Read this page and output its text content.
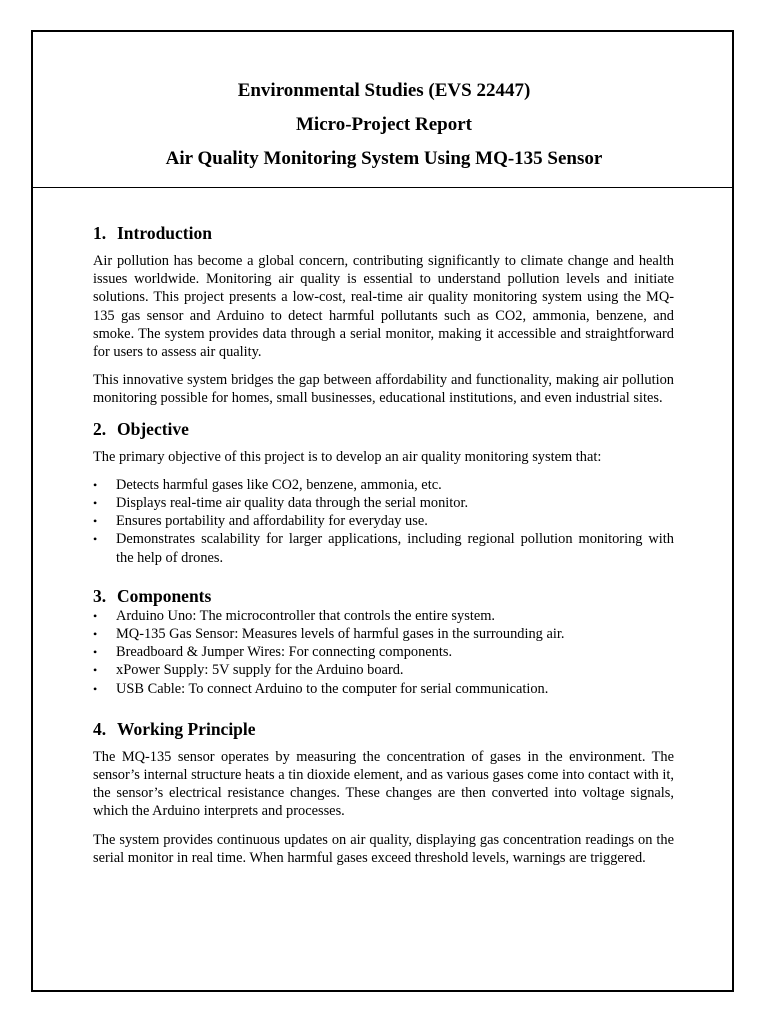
Environmental Studies (EVS 22447)
Micro-Project Report
Air Quality Monitoring System Using MQ-135 Sensor
1. Introduction

Air pollution has become a global concern, contributing significantly to climate change and health issues worldwide. Monitoring air quality is essential to understand pollution levels and initiate solutions. This project presents a low-cost, real-time air quality monitoring system using the MQ-135 gas sensor and Arduino to detect harmful pollutants such as CO2, ammonia, benzene, and smoke. The system provides data through a serial monitor, making it accessible and straightforward for users to assess air quality.

This innovative system bridges the gap between affordability and functionality, making air pollution monitoring possible for homes, small businesses, educational institutions, and even industrial sites.

2. Objective

The primary objective of this project is to develop an air quality monitoring system that:

• Detects harmful gases like CO2, benzene, ammonia, etc.
• Displays real-time air quality data through the serial monitor.
• Ensures portability and affordability for everyday use.
• Demonstrates scalability for larger applications, including regional pollution monitoring with the help of drones.
3. Components
• Arduino Uno: The microcontroller that controls the entire system.
• MQ-135 Gas Sensor: Measures levels of harmful gases in the surrounding air.
• Breadboard & Jumper Wires: For connecting components.
• xPower Supply: 5V supply for the Arduino board.
• USB Cable: To connect Arduino to the computer for serial communication.
4. Working Principle

The MQ-135 sensor operates by measuring the concentration of gases in the environment. The sensor’s internal structure heats a tin dioxide element, and as various gases come into contact with it, the sensor’s electrical resistance changes. These changes are then converted into voltage signals, which the Arduino interprets and processes.

The system provides continuous updates on air quality, displaying gas concentration readings on the serial monitor in real time. When harmful gases exceed threshold levels, warnings are triggered.
